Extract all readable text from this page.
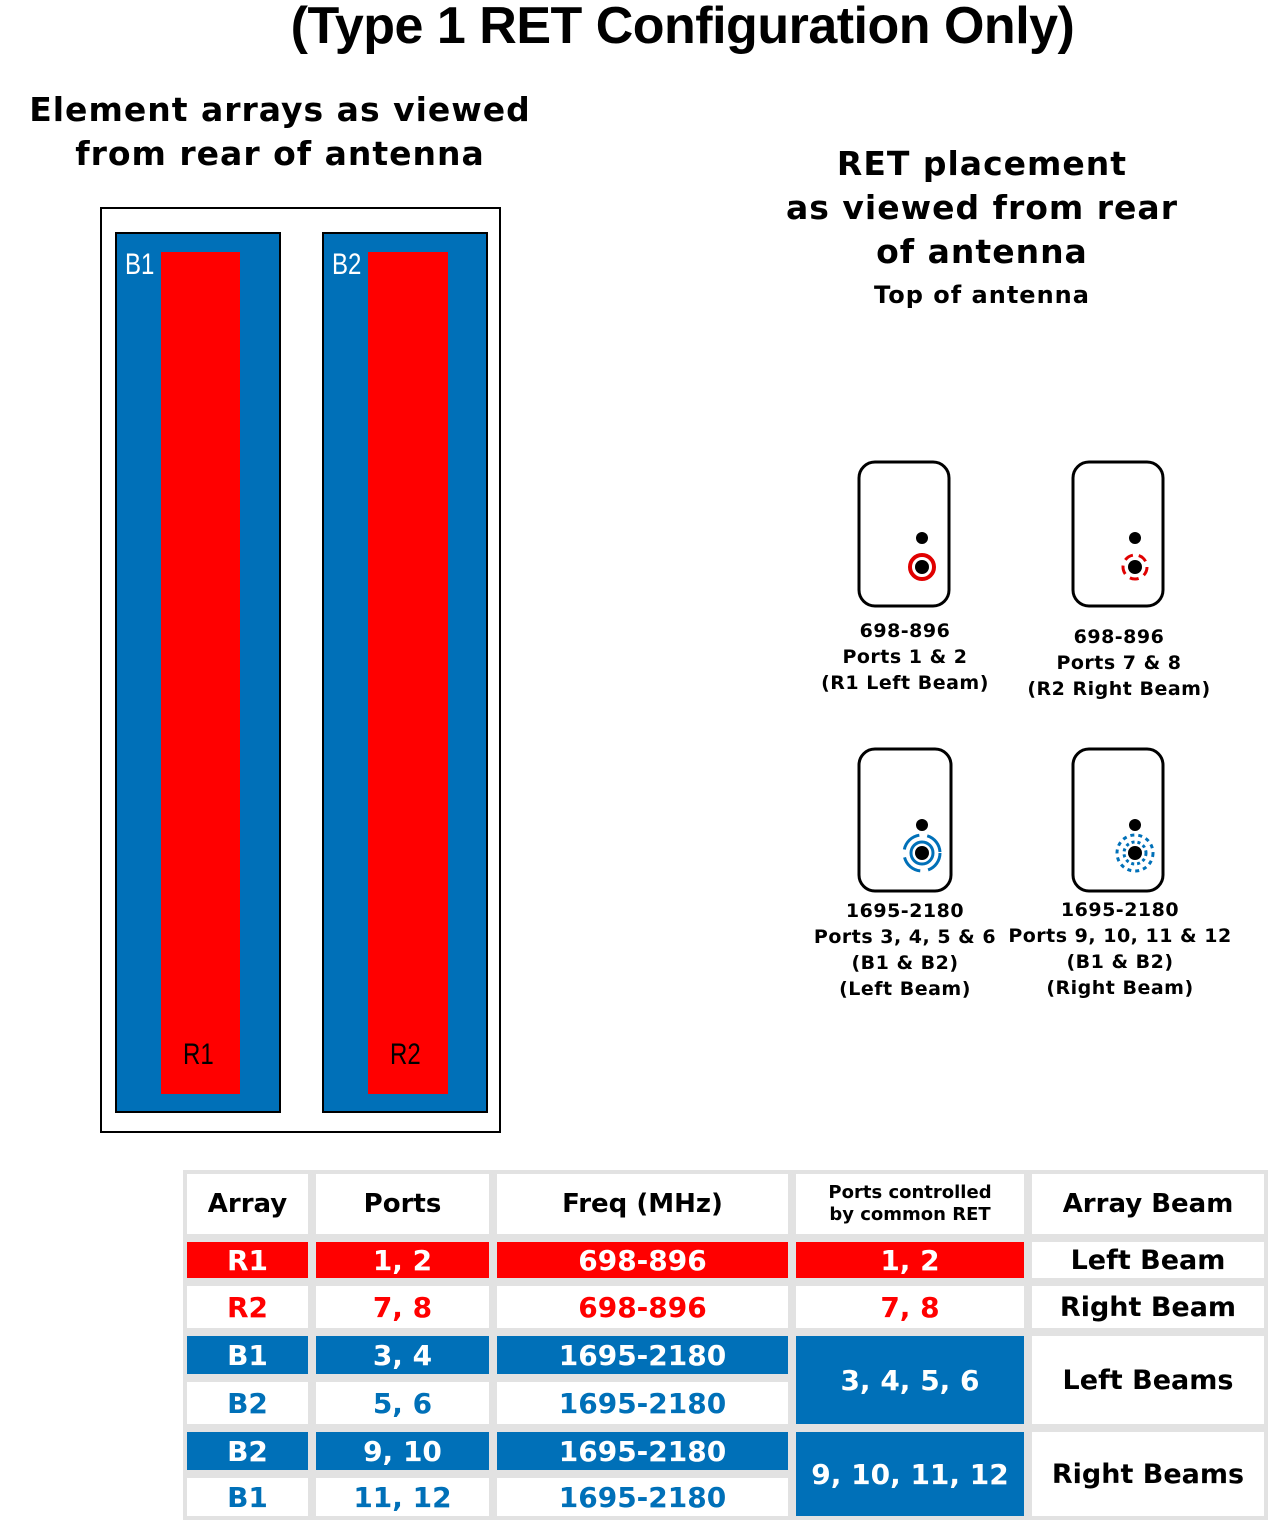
(Type 1 RET Configuration Only)
Element arrays as viewed
from rear of antenna	RET placement
as viewed from rear
of antenna
Top of antenna
B1
R1
B2
R2
698-896
Ports 1 & 2
(R1 Left Beam)
698-896
Ports 7 & 8
(R2 Right Beam)
1695-2180
Ports 3, 4, 5 & 6
(B1 & B2)
(Left Beam)
1695-2180
Ports 9, 10, 11 & 12
(B1 & B2)
(Right Beam)
Array	Ports	Freq (MHz)	Ports controlled
by common RET	Array Beam
R1	1, 2	698-896	1, 2	Left Beam
R2	7, 8	698-896	7, 8	Right Beam
B1	3, 4	1695-2180	3, 4, 5, 6	Left Beams
B2	5, 6	1695-2180		
B2	9, 10	1695-2180	9, 10, 11, 12	Right Beams
B1	11, 12	1695-2180		
